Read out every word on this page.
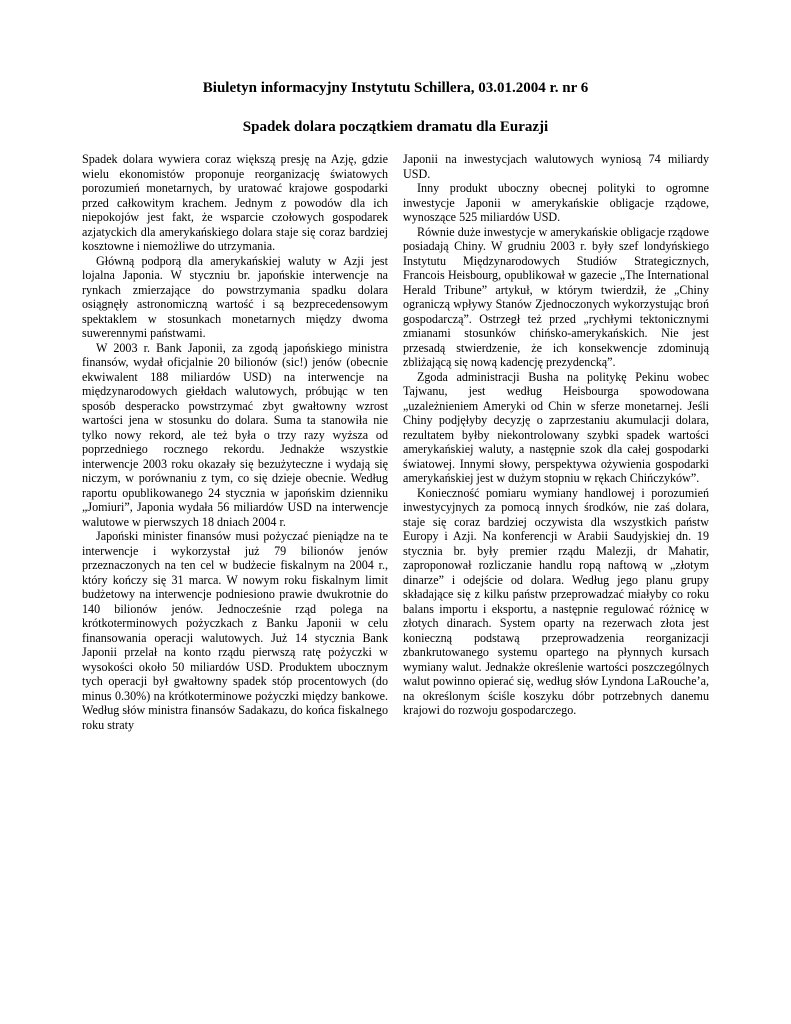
Biuletyn informacyjny Instytutu Schillera, 03.01.2004 r. nr 6
Spadek dolara początkiem dramatu dla Eurazji

Spadek dolara wywiera coraz większą presję na Azję, gdzie wielu ekonomistów proponuje reorganizację światowych porozumień monetarnych, by uratować krajowe gospodarki przed całkowitym krachem. Jednym z powodów dla ich niepokojów jest fakt, że wsparcie czołowych gospodarek azjatyckich dla amerykańskiego dolara staje się coraz bardziej kosztowne i niemożliwe do utrzymania.

Główną podporą dla amerykańskiej waluty w Azji jest lojalna Japonia. W styczniu br. japońskie interwencje na rynkach zmierzające do powstrzymania spadku dolara osiągnęły astronomiczną wartość i są bezprecedensowym spektaklem w stosunkach monetarnych między dwoma suwerennymi państwami.

W 2003 r. Bank Japonii, za zgodą japońskiego ministra finansów, wydał oficjalnie 20 bilionów (sic!) jenów (obecnie ekwiwalent 188 miliardów USD) na interwencje na międzynarodowych giełdach walutowych, próbując w ten sposób desperacko powstrzymać zbyt gwałtowny wzrost wartości jena w stosunku do dolara. Suma ta stanowiła nie tylko nowy rekord, ale też była o trzy razy wyższa od poprzedniego rocznego rekordu. Jednakże wszystkie interwencje 2003 roku okazały się bezużyteczne i wydają się niczym, w porównaniu z tym, co się dzieje obecnie. Według raportu opublikowanego 24 stycznia w japońskim dzienniku „Jomiuri”, Japonia wydała 56 miliardów USD na interwencje walutowe w pierwszych 18 dniach 2004 r.

Japoński minister finansów musi pożyczać pieniądze na te interwencje i wykorzystał już 79 bilionów jenów przeznaczonych na ten cel w budżecie fiskalnym na 2004 r., który kończy się 31 marca. W nowym roku fiskalnym limit budżetowy na interwencje podniesiono prawie dwukrotnie do 140 bilionów jenów. Jednocześnie rząd polega na krótkoterminowych pożyczkach z Banku Japonii w celu finansowania operacji walutowych. Już 14 stycznia Bank Japonii przelał na konto rządu pierwszą ratę pożyczki w wysokości około 50 miliardów USD. Produktem ubocznym tych operacji był gwałtowny spadek stóp procentowych (do minus 0.30%) na krótkoterminowe pożyczki między bankowe. Według słów ministra finansów Sadakazu, do końca fiskalnego roku straty

Japonii na inwestycjach walutowych wyniosą 74 miliardy USD.

Inny produkt uboczny obecnej polityki to ogromne inwestycje Japonii w amerykańskie obligacje rządowe, wynoszące 525 miliardów USD.

Równie duże inwestycje w amerykańskie obligacje rządowe posiadają Chiny. W grudniu 2003 r. były szef londyńskiego Instytutu Międzynarodowych Studiów Strategicznych, Francois Heisbourg, opublikował w gazecie „The International Herald Tribune” artykuł, w którym twierdził, że „Chiny ograniczą wpływy Stanów Zjednoczonych wykorzystując broń gospodarczą”. Ostrzegł też przed „rychłymi tektonicznymi zmianami stosunków chińsko-amerykańskich. Nie jest przesadą stwierdzenie, że ich konsekwencje zdominują zbliżającą się nową kadencję prezydencką”.

Zgoda administracji Busha na politykę Pekinu wobec Tajwanu, jest według Heisbourga spowodowana „uzależnieniem Ameryki od Chin w sferze monetarnej. Jeśli Chiny podjęłyby decyzję o zaprzestaniu akumulacji dolara, rezultatem byłby niekontrolowany szybki spadek wartości amerykańskiej waluty, a następnie szok dla całej gospodarki światowej. Innymi słowy, perspektywa ożywienia gospodarki amerykańskiej jest w dużym stopniu w rękach Chińczyków”.

Konieczność pomiaru wymiany handlowej i porozumień inwestycyjnych za pomocą innych środków, nie zaś dolara, staje się coraz bardziej oczywista dla wszystkich państw Europy i Azji. Na konferencji w Arabii Saudyjskiej dn. 19 stycznia br. były premier rządu Malezji, dr Mahatir, zaproponował rozliczanie handlu ropą naftową w „złotym dinarze” i odejście od dolara. Według jego planu grupy składające się z kilku państw przeprowadzać miałyby co roku balans importu i eksportu, a następnie regulować różnicę w złotych dinarach. System oparty na rezerwach złota jest konieczną podstawą przeprowadzenia reorganizacji zbankrutowanego systemu opartego na płynnych kursach wymiany walut. Jednakże określenie wartości poszczególnych walut powinno opierać się, według słów Lyndona LaRouche’a, na określonym ściśle koszyku dóbr potrzebnych danemu krajowi do rozwoju gospodarczego.
